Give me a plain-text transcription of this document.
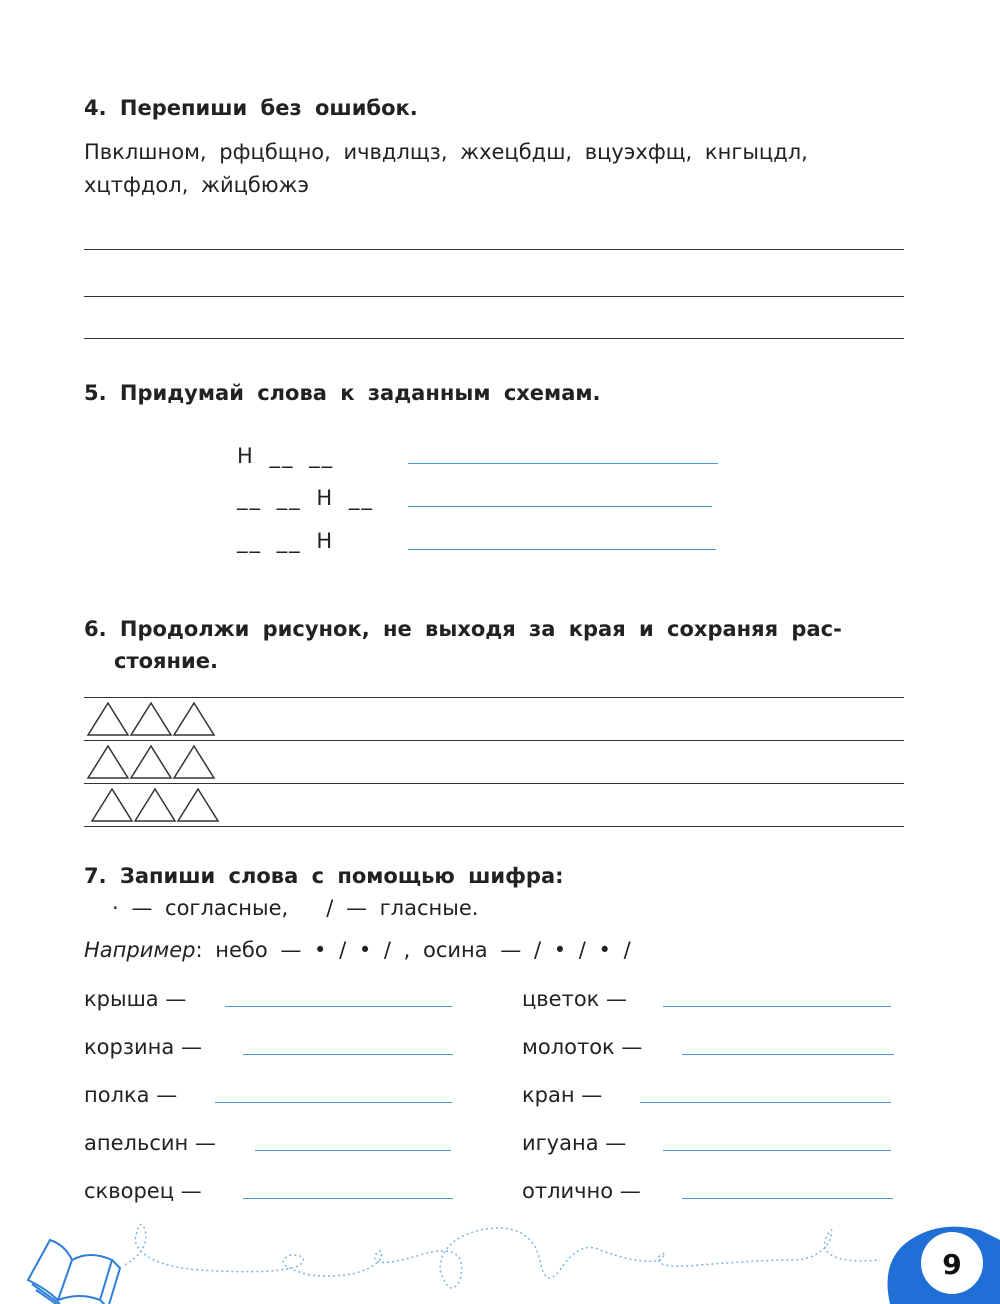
4. Перепиши без ошибок.
Пвклшном, рфцбщно, ичвдлщз, жхецбдш, вцуэхфщ, кнгыцдл,
хцтфдол, жйцбюжэ
5. Придумай слова к заданным схемам.
Н __ __
__ __ Н __
__ __ Н
6. Продолжи рисунок, не выходя за края и сохраняя рас-
стояние.
7. Запиши слова с помощью шифра:
· — согласные,   / — гласные.
Например: небо — • / • / , осина — / • / • /
крыша —
корзина —
полка —
апельсин —
скворец —
цветок —
молоток —
кран —
игуана —
отлично —
9
